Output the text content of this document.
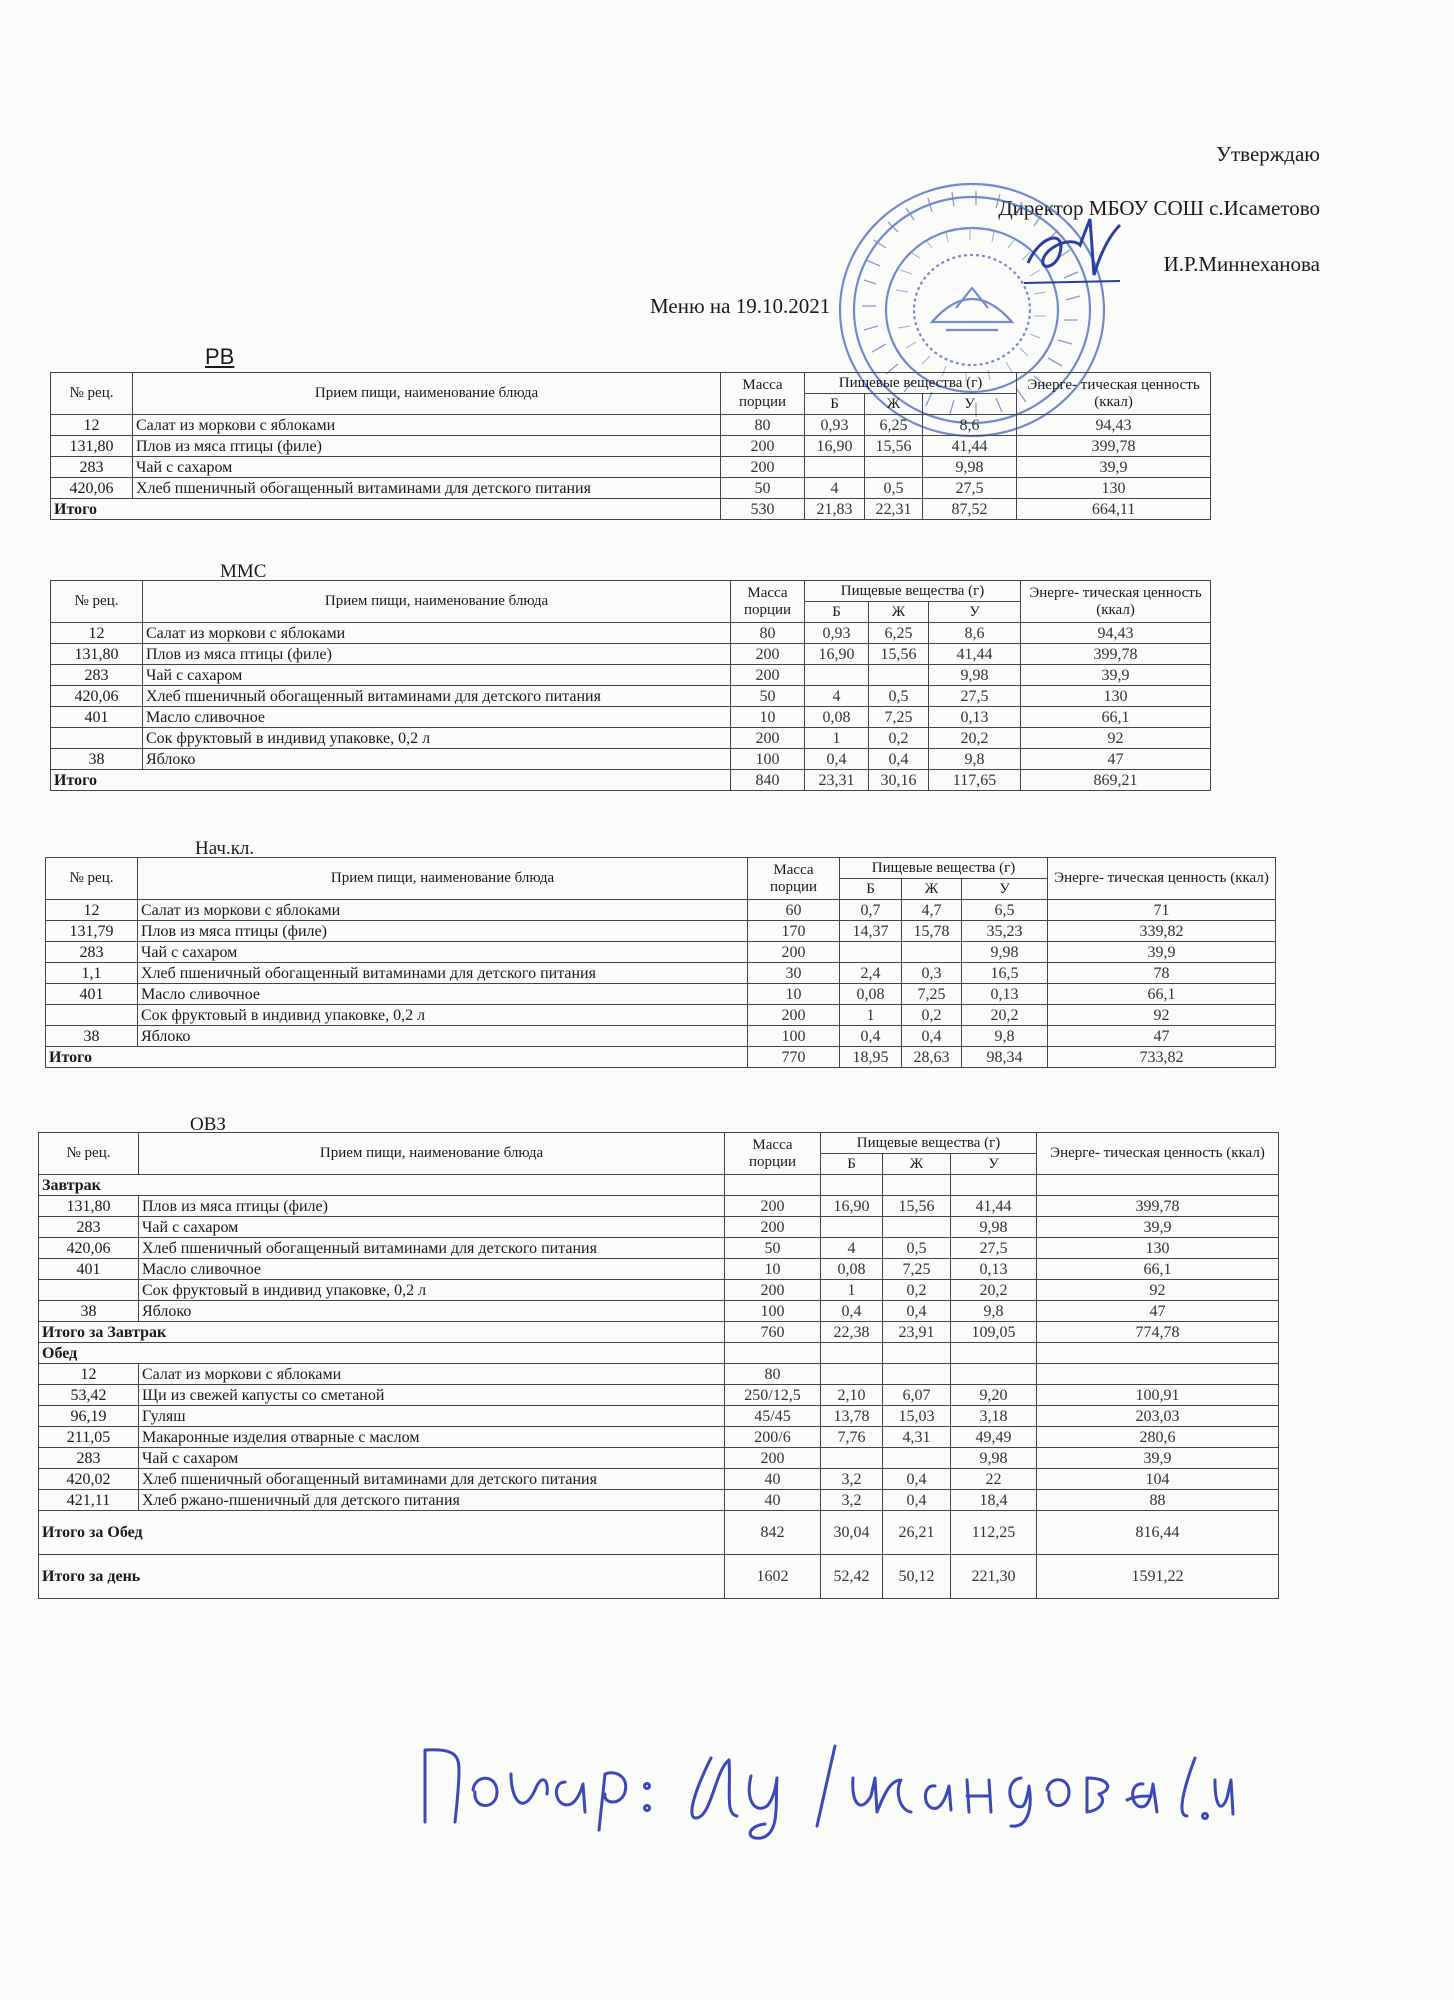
Утверждаю
Директор МБОУ СОШ с.Исаметово
И.Р.Миннеханова
Меню на 19.10.2021
РВ
№ рец.	Прием пищи, наименование блюда	Масса порции	Пищевые вещества (г)			Энерге- тическая ценность (ккал)
			Б	Ж	У	
12	Салат из моркови с яблоками	80	0,93	6,25	8,6	94,43
131,80	Плов из мяса птицы (филе)	200	16,90	15,56	41,44	399,78
283	Чай с сахаром	200			9,98	39,9
420,06	Хлеб пшеничный обогащенный витаминами для детского питания	50	4	0,5	27,5	130
Итого		530	21,83	22,31	87,52	664,11
ММС
№ рец.	Прием пищи, наименование блюда	Масса порции	Пищевые вещества (г)			Энерге- тическая ценность (ккал)
			Б	Ж	У	
12	Салат из моркови с яблоками	80	0,93	6,25	8,6	94,43
131,80	Плов из мяса птицы (филе)	200	16,90	15,56	41,44	399,78
283	Чай с сахаром	200			9,98	39,9
420,06	Хлеб пшеничный обогащенный витаминами для детского питания	50	4	0,5	27,5	130
401	Масло сливочное	10	0,08	7,25	0,13	66,1
	Сок фруктовый в индивид упаковке, 0,2 л	200	1	0,2	20,2	92
38	Яблоко	100	0,4	0,4	9,8	47
Итого		840	23,31	30,16	117,65	869,21
Нач.кл.
№ рец.	Прием пищи, наименование блюда	Масса порции	Пищевые вещества (г)			Энерге- тическая ценность (ккал)
			Б	Ж	У	
12	Салат из моркови с яблоками	60	0,7	4,7	6,5	71
131,79	Плов из мяса птицы (филе)	170	14,37	15,78	35,23	339,82
283	Чай с сахаром	200			9,98	39,9
1,1	Хлеб пшеничный обогащенный витаминами для детского питания	30	2,4	0,3	16,5	78
401	Масло сливочное	10	0,08	7,25	0,13	66,1
	Сок фруктовый в индивид упаковке, 0,2 л	200	1	0,2	20,2	92
38	Яблоко	100	0,4	0,4	9,8	47
Итого		770	18,95	28,63	98,34	733,82
ОВЗ
№ рец.	Прием пищи, наименование блюда	Масса порции	Пищевые вещества (г)			Энерге- тическая ценность (ккал)
			Б	Ж	У	
Завтрак						
131,80	Плов из мяса птицы (филе)	200	16,90	15,56	41,44	399,78
283	Чай с сахаром	200			9,98	39,9
420,06	Хлеб пшеничный обогащенный витаминами для детского питания	50	4	0,5	27,5	130
401	Масло сливочное	10	0,08	7,25	0,13	66,1
	Сок фруктовый в индивид упаковке, 0,2 л	200	1	0,2	20,2	92
38	Яблоко	100	0,4	0,4	9,8	47
Итого за Завтрак		760	22,38	23,91	109,05	774,78
Обед						
12	Салат из моркови с яблоками	80				
53,42	Щи из свежей капусты со сметаной	250/12,5	2,10	6,07	9,20	100,91
96,19	Гуляш	45/45	13,78	15,03	3,18	203,03
211,05	Макаронные изделия отварные с маслом	200/6	7,76	4,31	49,49	280,6
283	Чай с сахаром	200			9,98	39,9
420,02	Хлеб пшеничный обогащенный витаминами для детского питания	40	3,2	0,4	22	104
421,11	Хлеб ржано-пшеничный для детского питания	40	3,2	0,4	18,4	88
Итого за Обед		842	30,04	26,21	112,25	816,44
Итого за день		1602	52,42	50,12	221,30	1591,22
